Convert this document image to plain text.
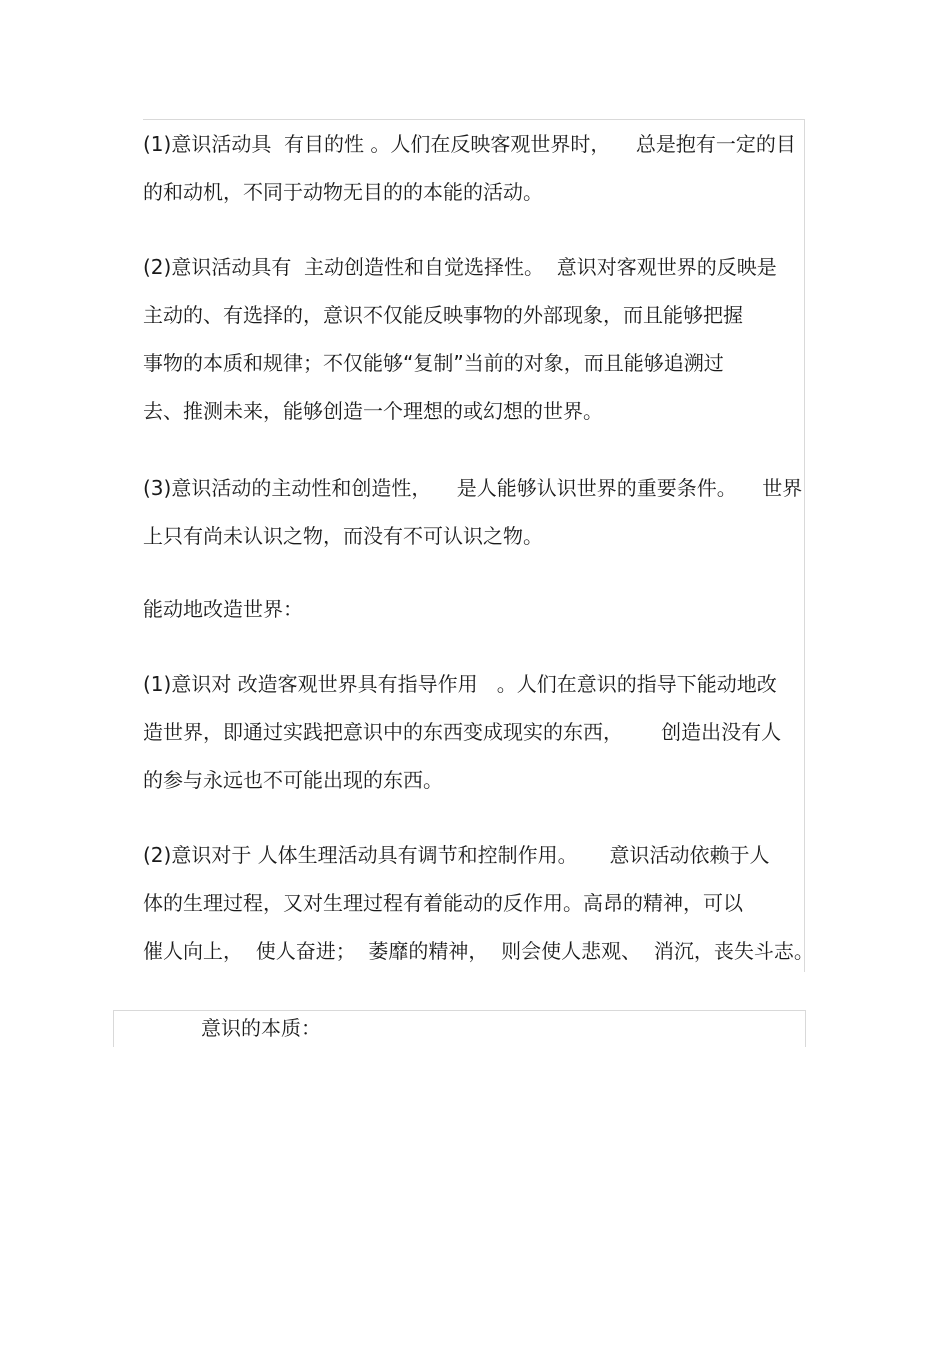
(1)意识活动具  有目的性 。人们在反映客观世界时，    总是抱有一定的目
的和动机，不同于动物无目的的本能的活动。
(2)意识活动具有  主动创造性和自觉选择性。  意识对客观世界的反映是
主动的、有选择的，意识不仅能反映事物的外部现象，而且能够把握
事物的本质和规律；不仅能够“复制”当前的对象，而且能够追溯过
去、推测未来，能够创造一个理想的或幻想的世界。
(3)意识活动的主动性和创造性，    是人能够认识世界的重要条件。    世界
上只有尚未认识之物，而没有不可认识之物。
能动地改造世界：
(1)意识对 改造客观世界具有指导作用   。人们在意识的指导下能动地改
造世界，即通过实践把意识中的东西变成现实的东西，      创造出没有人
的参与永远也不可能出现的东西。
(2)意识对于 人体生理活动具有调节和控制作用。     意识活动依赖于人
体的生理过程，又对生理过程有着能动的反作用。高昂的精神，可以
催人向上，  使人奋进；  萎靡的精神，  则会使人悲观、  消沉，丧失斗志。
意识的本质：
